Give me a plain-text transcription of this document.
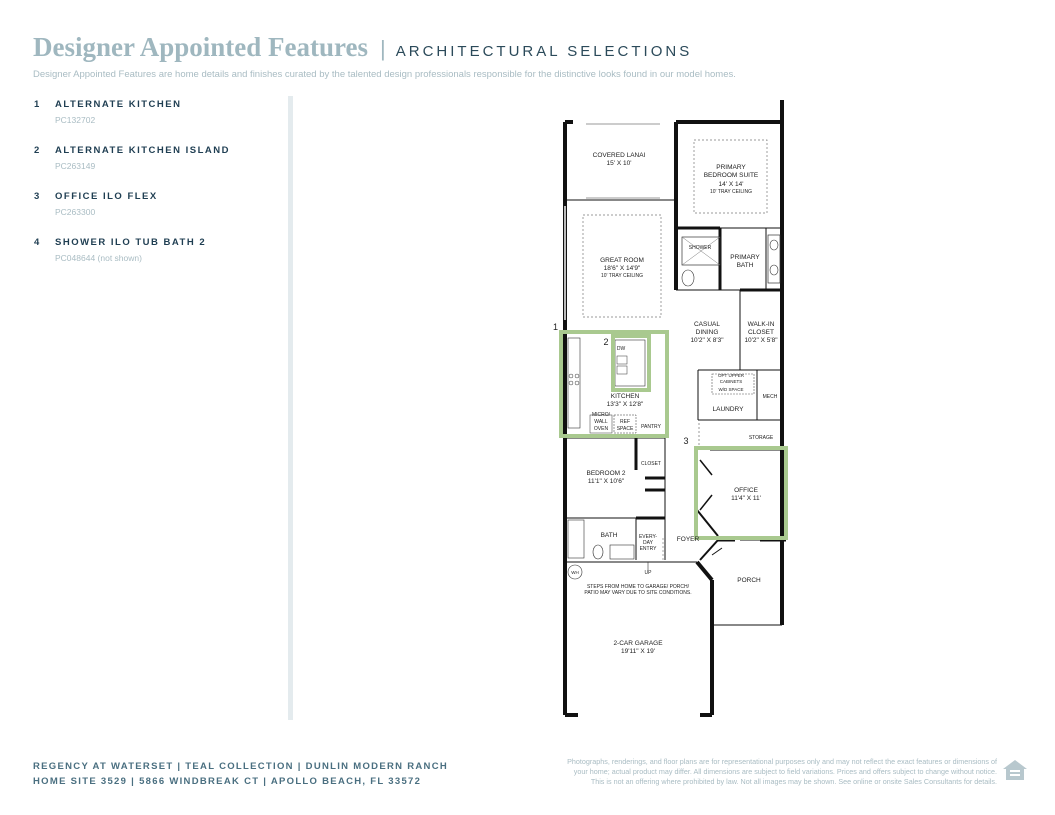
Designer Appointed Features | ARCHITECTURAL SELECTIONS
Designer Appointed Features are home details and finishes curated by the talented design professionals responsible for the distinctive looks found in our model homes.
1	ALTERNATE KITCHEN
PC132702
2	ALTERNATE KITCHEN ISLAND
PC263149
3	OFFICE ILO FLEX
PC263300
4	SHOWER ILO TUB BATH 2
PC048644 (not shown)
1
2
3
COVERED LANAI
15' X 10'
PRIMARY
BEDROOM SUITE
14' X 14'
10' TRAY CEILING
GREAT ROOM
18'6" X 14'9"
10' TRAY CEILING
SHOWER
PRIMARY
BATH
CASUAL
DINING
10'2" X 8'3"
WALK-IN
CLOSET
10'2" X 5'8"
DW
KITCHEN
13'3" X 12'8"
MICRO/
WALL
OVEN
REF
SPACE PANTRY
OPT UPPER
CABINETS
W/D SPACE
MECH
LAUNDRY
STORAGE
CLOSET
BEDROOM 2
11'1" X 10'6"
OFFICE
11'4" X 11'
BATH	EVERY-
DAY
ENTRY
FOYER
UP
WH
PORCH
STEPS FROM HOME TO GARAGE/ PORCH/
PATIO MAY VARY DUE TO SITE CONDITIONS.
2-CAR GARAGE
19'11" X 19'
REGENCY AT WATERSET | TEAL COLLECTION | DUNLIN MODERN RANCH
HOME SITE 3529 | 5866 WINDBREAK CT | APOLLO BEACH, FL 33572
Photographs, renderings, and floor plans are for representational purposes only and may not reflect the exact features or dimensions of
your home; actual product may differ. All dimensions are subject to field variations. Prices and offers subject to change without notice.
This is not an offering where prohibited by law. Not all images may be shown. See online or onsite Sales Consultants for details.
